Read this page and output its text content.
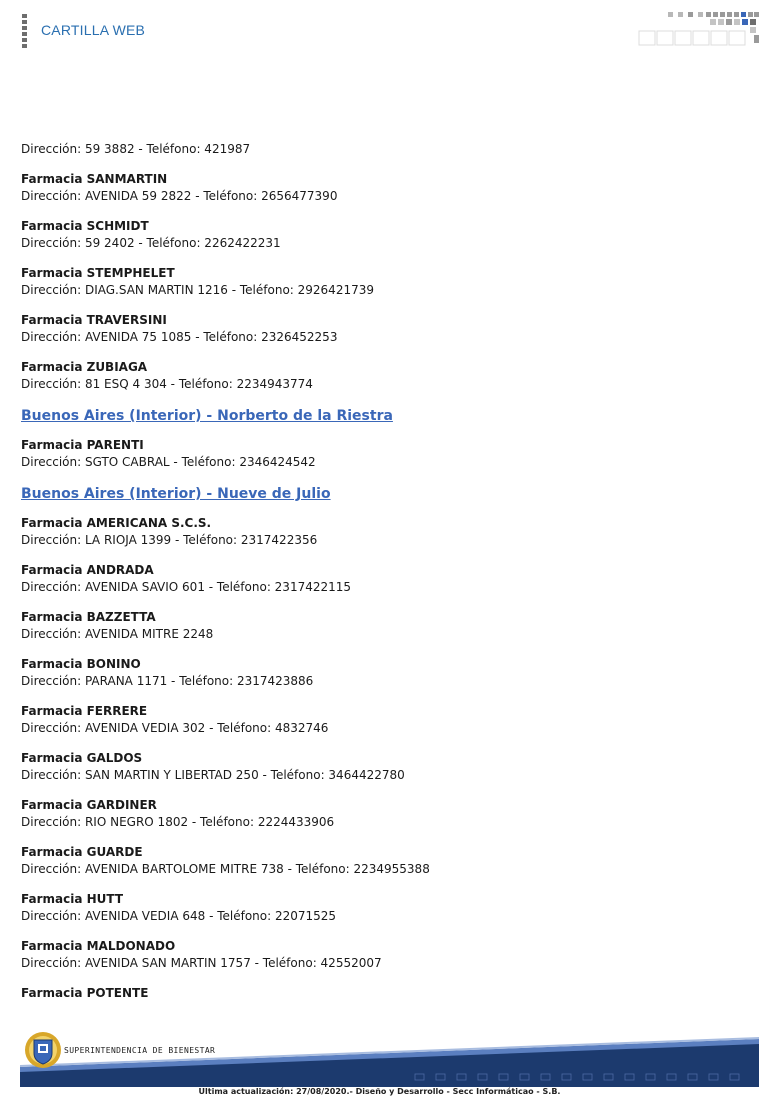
CARTILLA WEB
Dirección: 59 3882 - Teléfono: 421987
Farmacia SANMARTIN
Dirección: AVENIDA 59 2822 - Teléfono: 2656477390
Farmacia SCHMIDT
Dirección: 59 2402 - Teléfono: 2262422231
Farmacia STEMPHELET
Dirección: DIAG.SAN MARTIN 1216 - Teléfono: 2926421739
Farmacia TRAVERSINI
Dirección: AVENIDA 75 1085 - Teléfono: 2326452253
Farmacia ZUBIAGA
Dirección: 81 ESQ 4 304 - Teléfono: 2234943774
Buenos Aires (Interior) - Norberto de la Riestra
Farmacia PARENTI
Dirección: SGTO CABRAL - Teléfono: 2346424542
Buenos Aires (Interior) - Nueve de Julio
Farmacia AMERICANA S.C.S.
Dirección: LA RIOJA 1399 - Teléfono: 2317422356
Farmacia ANDRADA
Dirección: AVENIDA SAVIO 601 - Teléfono: 2317422115
Farmacia BAZZETTA
Dirección: AVENIDA MITRE 2248
Farmacia BONINO
Dirección: PARANA 1171 - Teléfono: 2317423886
Farmacia FERRERE
Dirección: AVENIDA VEDIA 302 - Teléfono: 4832746
Farmacia GALDOS
Dirección: SAN MARTIN Y LIBERTAD 250 - Teléfono: 3464422780
Farmacia GARDINER
Dirección: RIO NEGRO 1802 - Teléfono: 2224433906
Farmacia GUARDE
Dirección: AVENIDA BARTOLOME MITRE 738 - Teléfono: 2234955388
Farmacia HUTT
Dirección: AVENIDA VEDIA 648 - Teléfono: 22071525
Farmacia MALDONADO
Dirección: AVENIDA SAN MARTIN 1757 - Teléfono: 42552007
Farmacia POTENTE
SUPERINTENDENCIA DE BIENESTAR
Ultima actualización: 27/08/2020.- Diseño y Desarrollo - Secc Informáticao - S.B.
